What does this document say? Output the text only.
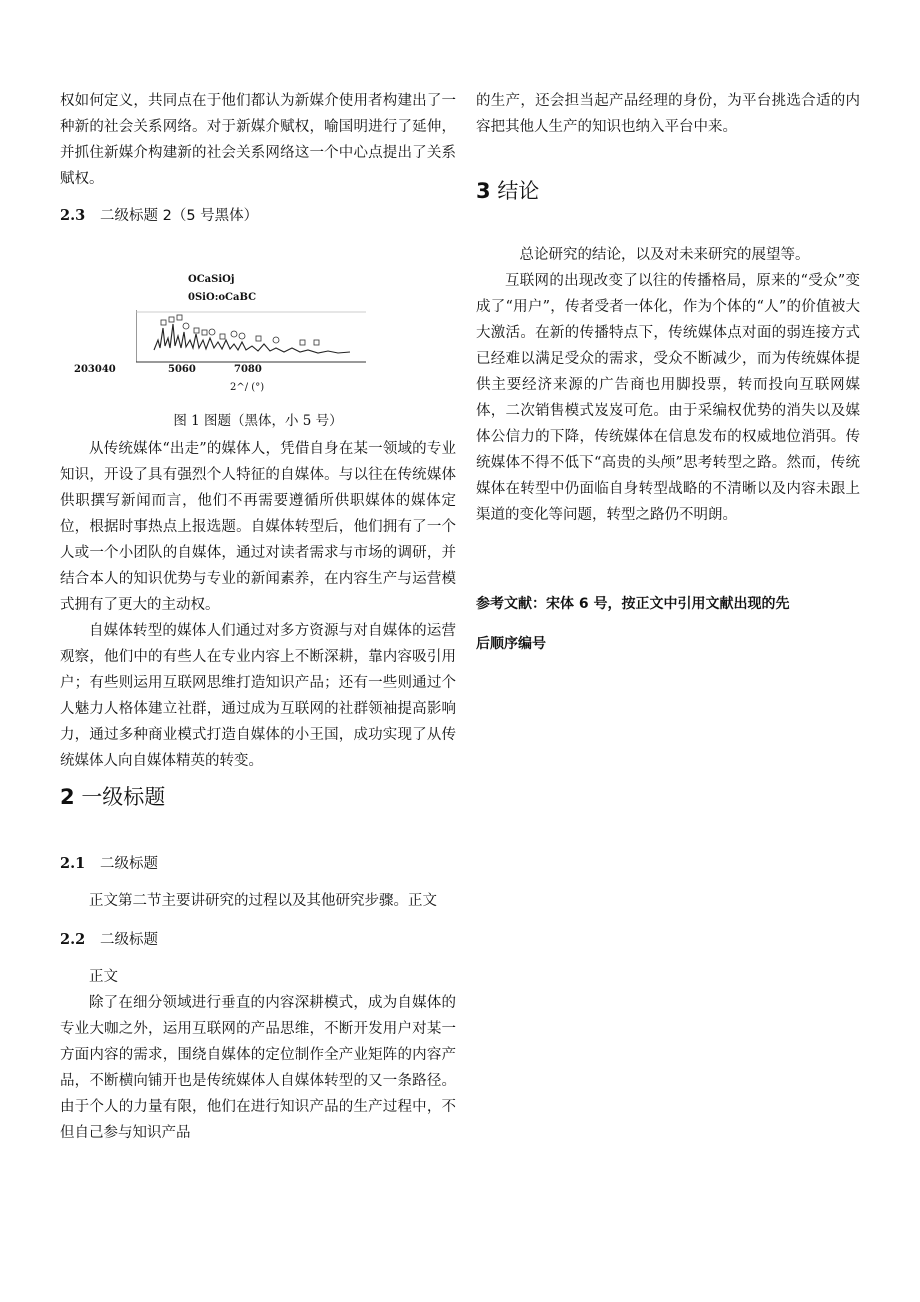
权如何定义，共同点在于他们都认为新媒介使用者构建出了一种新的社会关系网络。对于新媒介赋权，喻国明进行了延伸，并抓住新媒介构建新的社会关系网络这一个中心点提出了关系赋权。

2.3 二级标题 2（5 号黑体）
OCaSiOj
0SiO:oCaBC
203040	5060	7080
2^/ (°)

图 1 图题（黑体，小 5 号）

从传统媒体“出走”的媒体人，凭借自身在某一领域的专业知识，开设了具有强烈个人特征的自媒体。与以往在传统媒体供职撰写新闻而言，他们不再需要遵循所供职媒体的媒体定位，根据时事热点上报选题。自媒体转型后，他们拥有了一个人或一个小团队的自媒体，通过对读者需求与市场的调研，并结合本人的知识优势与专业的新闻素养，在内容生产与运营模式拥有了更大的主动权。

自媒体转型的媒体人们通过对多方资源与对自媒体的运营观察，他们中的有些人在专业内容上不断深耕，靠内容吸引用户；有些则运用互联网思维打造知识产品；还有一些则通过个人魅力人格体建立社群，通过成为互联网的社群领袖提高影响力，通过多种商业模式打造自媒体的小王国，成功实现了从传统媒体人向自媒体精英的转变。

2 一级标题
2.1 二级标题

正文第二节主要讲研究的过程以及其他研究步骤。正文

2.2 二级标题

正文

除了在细分领域进行垂直的内容深耕模式，成为自媒体的专业大咖之外，运用互联网的产品思维，不断开发用户对某一方面内容的需求，围绕自媒体的定位制作全产业矩阵的内容产品，不断横向铺开也是传统媒体人自媒体转型的又一条路径。由于个人的力量有限，他们在进行知识产品的生产过程中，不但自己参与知识产品

的生产，还会担当起产品经理的身份，为平台挑选合适的内容把其他人生产的知识也纳入平台中来。

3 结论

总论研究的结论，以及对未来研究的展望等。

互联网的出现改变了以往的传播格局，原来的“受众”变成了“用户”，传者受者一体化，作为个体的“人”的价值被大大激活。在新的传播特点下，传统媒体点对面的弱连接方式已经难以满足受众的需求，受众不断减少，而为传统媒体提供主要经济来源的广告商也用脚投票，转而投向互联网媒体，二次销售模式岌岌可危。由于采编权优势的消失以及媒体公信力的下降，传统媒体在信息发布的权威地位消弭。传统媒体不得不低下“高贵的头颅”思考转型之路。然而，传统媒体在转型中仍面临自身转型战略的不清晰以及内容未跟上渠道的变化等问题，转型之路仍不明朗。

参考文献：宋体 6 号，按正文中引用文献出现的先

后顺序编号
